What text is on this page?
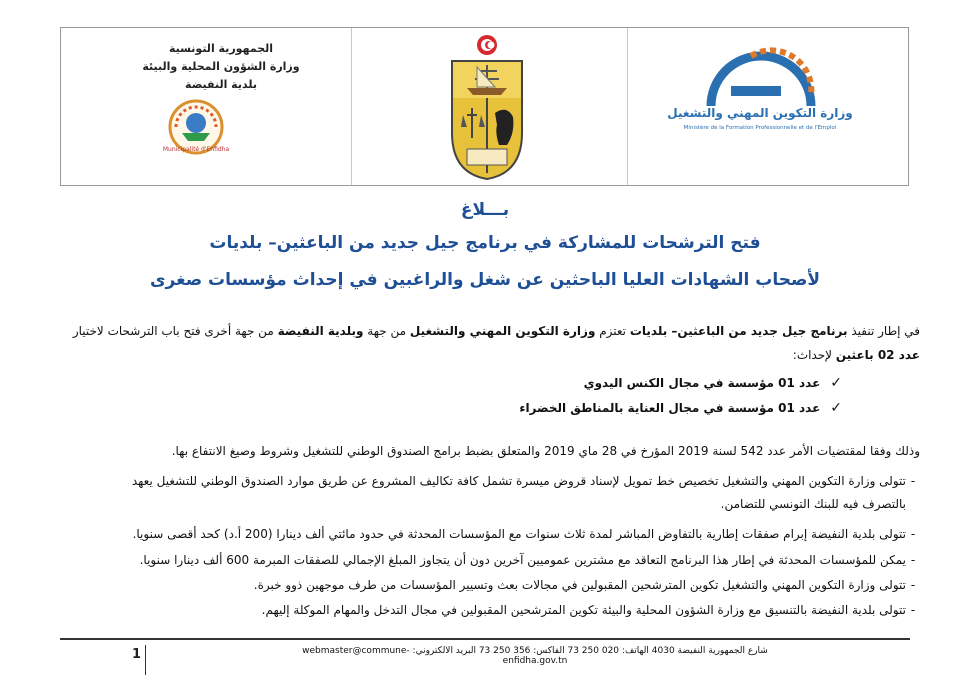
الجمهورية التونسية
وزارة الشؤون المحلية والبيئة
بلدية النفيضة
Municipalité d'Enfidha
وزارة التكوين المهني والتشغيل
Ministère de la Formation Professionnelle et de l'Emploi
بـــلاغ
فتح الترشحات للمشاركة في برنامج جيل جديد من الباعثين– بلديات
لأصحاب الشهادات العليا الباحثين عن شغل والراغبين في إحداث مؤسسات صغرى
في إطار تنفيذ برنامج جيل جديد من الباعثين– بلديات تعتزم وزارة التكوين المهني والتشغيل من جهة وبلدية النفيضة من جهة أخرى فتح باب الترشحات لاختيار
عدد 02 باعثين لإحداث:
✓عدد 01 مؤسسة في مجال الكنس اليدوي
✓عدد 01 مؤسسة في مجال العناية بالمناطق الخضراء
وذلك وفقا لمقتضيات الأمر عدد 542 لسنة 2019 المؤرخ في 28 ماي 2019 والمتعلق بضبط برامج الصندوق الوطني للتشغيل وشروط وصيغ الانتفاع بها.
-تتولى وزارة التكوين المهني والتشغيل تخصيص خط تمويل لإسناد قروض ميسرة تشمل كافة تكاليف المشروع عن طريق موارد الصندوق الوطني للتشغيل يعهد
بالتصرف فيه للبنك التونسي للتضامن.
-تتولى بلدية النفيضة إبرام صفقات إطارية بالتفاوض المباشر لمدة ثلاث سنوات مع المؤسسات المحدثة في حدود مائتي ألف دينارا (200 أ.د) كحد أقصى سنويا.
-يمكن للمؤسسات المحدثة في إطار هذا البرنامج التعاقد مع مشترين عموميين آخرين دون أن يتجاوز المبلغ الإجمالي للصفقات المبرمة 600 ألف دينارا سنويا.
-تتولى وزارة التكوين المهني والتشغيل تكوين المترشحين المقبولين في مجالات بعث وتسيير المؤسسات من طرف موجهين ذوو خبرة.
-تتولى بلدية النفيضة بالتنسيق مع وزارة الشؤون المحلية والبيئة تكوين المترشحين المقبولين في مجال التدخل والمهام الموكلة إليهم.
شارع الجمهورية النفيضة 4030 الهاتف: 020 250 73 الفاكس: 356 250 73 البريد الالكتروني: webmaster@commune-enfidha.gov.tn
1
